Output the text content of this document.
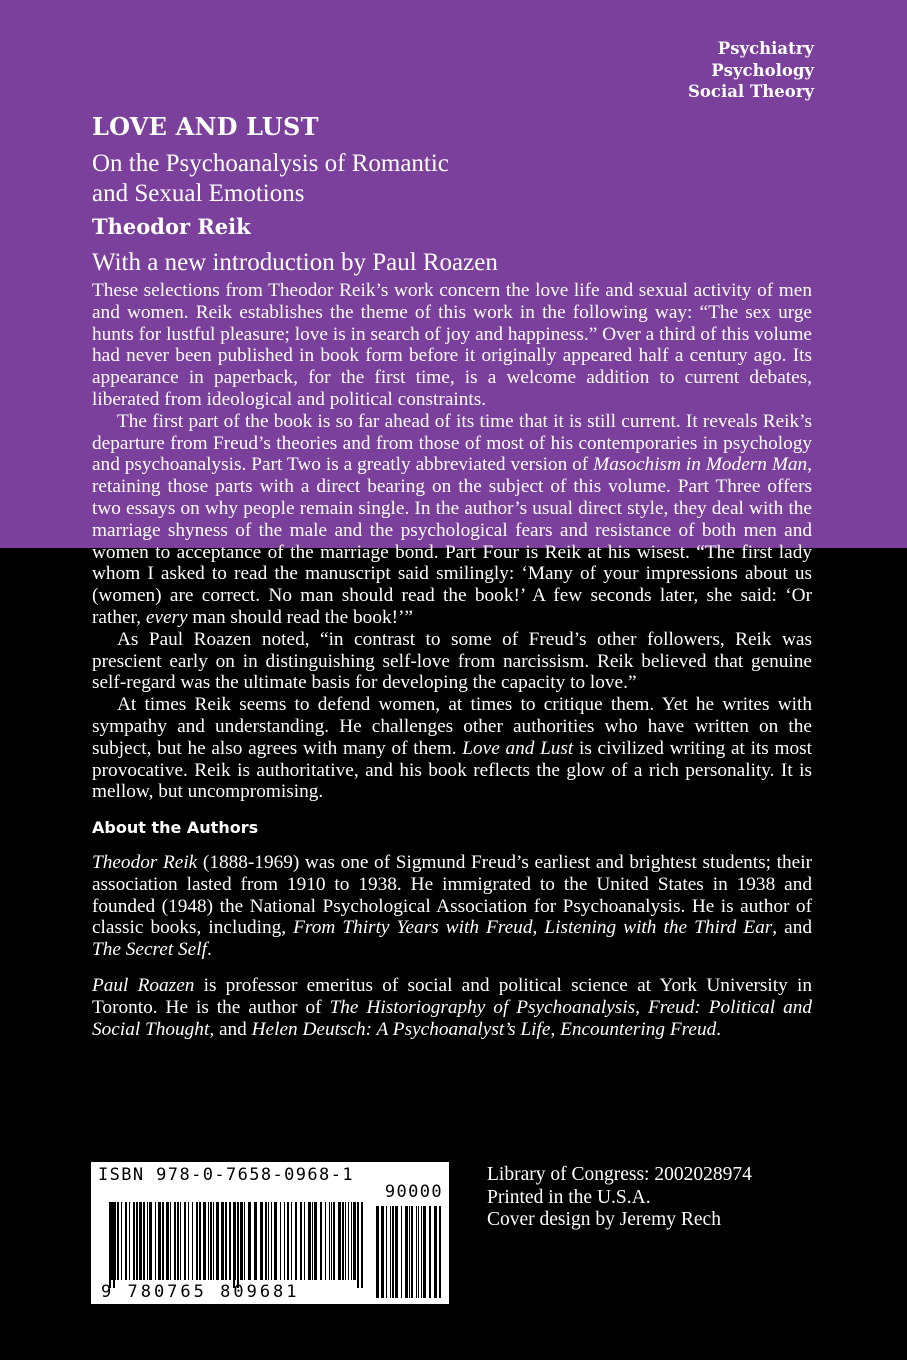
Psychiatry
Psychology
Social Theory
LOVE AND LUST
On the Psychoanalysis of Romantic
and Sexual Emotions
Theodor Reik
With a new introduction by Paul Roazen

These selections from Theodor Reik’s work concern the love life and sexual activity of men and women. Reik establishes the theme of this work in the following way: “The sex urge hunts for lustful pleasure; love is in search of joy and happiness.” Over a third of this volume had never been published in book form before it originally appeared half a century ago. Its appearance in paperback, for the first time, is a welcome addition to current debates, liberated from ideological and political constraints.

The first part of the book is so far ahead of its time that it is still current. It reveals Reik’s departure from Freud’s theories and from those of most of his contemporaries in psychology and psychoanalysis. Part Two is a greatly abbreviated version of Masochism in Modern Man, retaining those parts with a direct bearing on the subject of this volume. Part Three offers two essays on why people remain single. In the author’s usual direct style, they deal with the marriage shyness of the male and the psychological fears and resistance of both men and women to acceptance of the marriage bond. Part Four is Reik at his wisest. “The first lady whom I asked to read the manuscript said smilingly: ‘Many of your impressions about us (women) are correct. No man should read the book!’ A few seconds later, she said: ‘Or rather, every man should read the book!’”

As Paul Roazen noted, “in contrast to some of Freud’s other followers, Reik was prescient early on in distinguishing self-love from narcissism. Reik believed that genuine self-regard was the ultimate basis for developing the capacity to love.”

At times Reik seems to defend women, at times to critique them. Yet he writes with sympathy and understanding. He challenges other authorities who have written on the subject, but he also agrees with many of them. Love and Lust is civilized writing at its most provocative. Reik is authoritative, and his book reflects the glow of a rich personality. It is mellow, but uncompromising.

About the Authors

Theodor Reik (1888-1969) was one of Sigmund Freud’s earliest and brightest students; their association lasted from 1910 to 1938. He immigrated to the United States in 1938 and founded (1948) the National Psychological Association for Psychoanalysis. He is author of classic books, including, From Thirty Years with Freud, Listening with the Third Ear, and The Secret Self.

Paul Roazen is professor emeritus of social and political science at York University in Toronto. He is the author of The Historiography of Psychoanalysis, Freud: Political and Social Thought, and Helen Deutsch: A Psychoanalyst’s Life, Encountering Freud.

ISBN 978-0-7658-0968-1
90000
9 780765 809681
Library of Congress: 2002028974
Printed in the U.S.A.
Cover design by Jeremy Rech
